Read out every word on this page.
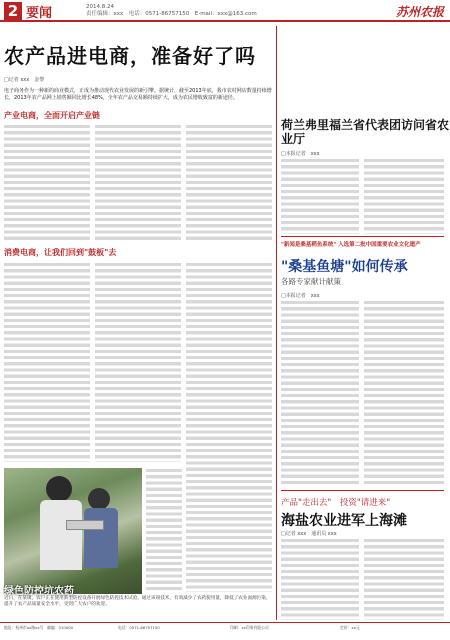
2 要闻	2014.8.24
责任编辑：xxx　电话：0571-86757150　E-mail：xxx@163.com	苏州农报
农产品进电商，准备好了吗
□记者 xxx　金黎
电子商务作为一种新的商业模式，正成为推动现代农业发展的新引擎。据统计，截至2013年底，我市农村网店数量持续增长，2013年农产品网上销售额同比增长48%，全年农产品交易额持续扩大，成为农民增收致富的新途径。
产业电商，全面开启产业链
消费电商，让我们回到"鼓板"去
绿色防控坑农药
近日，在某镇，农户正在使用新型防控设备开展绿色防控技术试验。通过该项技术，有效减少了农药使用量，降低了农业面源污染，提升了农产品质量安全水平，受到广大农户的欢迎。
荷兰弗里福兰省代表团访问省农业厅
□本报记者　xxx
"新闻是桑基稻鱼系统" 入选第二批中国重要农业文化遗产
"桑基鱼塘"如何传承
各路专家献计献策
□本报记者　xxx
产品"走出去"　投资"请进来"
海盐农业进军上海滩
□记者 xxx　通讯员 xxx
地址：杭州市xx路xx号　邮编：310000	电话：0571-86757150	印刷：xx印务有限公司	定价：xx元
